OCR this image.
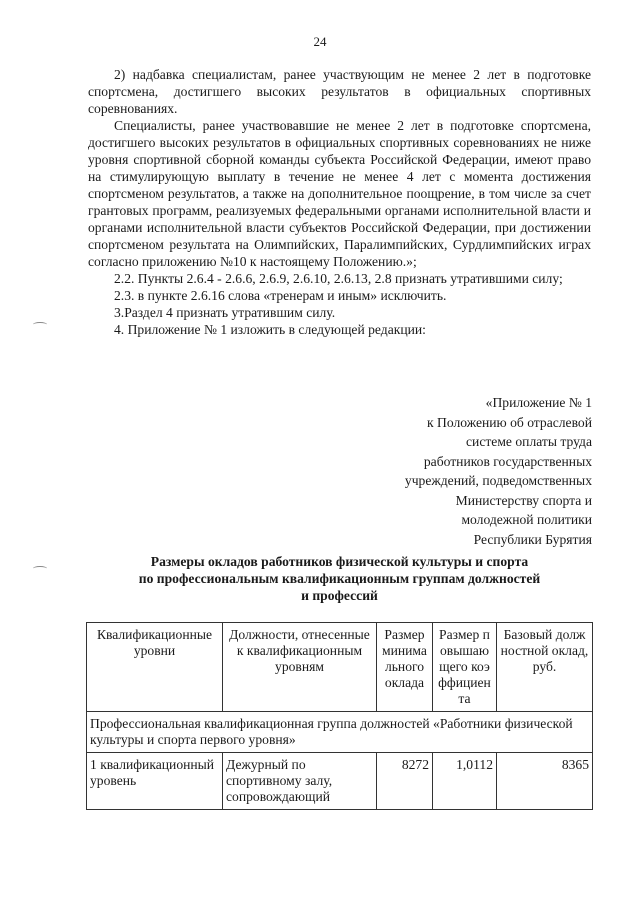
24

2) надбавка специалистам, ранее участвующим не менее 2 лет в подготовке спортсмена, достигшего высоких результатов в официальных спортивных соревнованиях.

Специалисты, ранее участвовавшие не менее 2 лет в подготовке спортсмена, достигшего высоких результатов в официальных спортивных соревнованиях не ниже уровня спортивной сборной команды субъекта Российской Федерации, имеют право на стимулирующую выплату в течение не менее 4 лет с момента достижения спортсменом результатов, а также на дополнительное поощрение, в том числе за счет грантовых программ, реализуемых федеральными органами исполнительной власти и органами исполнительной власти субъектов Российской Федерации, при достижении спортсменом результата на Олимпийских, Паралимпийских, Сурдлимпийских играх согласно приложению №10 к настоящему Положению.»;

2.2. Пункты 2.6.4 - 2.6.6, 2.6.9, 2.6.10, 2.6.13, 2.8 признать утратившими силу;

2.3. в пункте 2.6.16 слова «тренерам и иным» исключить.

3.Раздел 4 признать утратившим силу.

4. Приложение № 1 изложить в следующей редакции:

«Приложение № 1
к Положению об отраслевой
системе оплаты труда
работников государственных
учреждений, подведомственных
Министерству спорта и
молодежной политики
Республики Бурятия
Размеры окладов работников физической культуры и спорта
по профессиональным квалификационным группам должностей
и профессий
Квалификационные уровни	Должности, отнесенные к квалификационным уровням	Размер минимального оклада	Размер повышающего коэффициента	Базовый должностной оклад, руб.
Профессиональная квалификационная группа должностей «Работники физической культуры и спорта первого уровня»				
1 квалификационный уровень	Дежурный по спортивному залу, сопровождающий	8272	1,0112	8365
